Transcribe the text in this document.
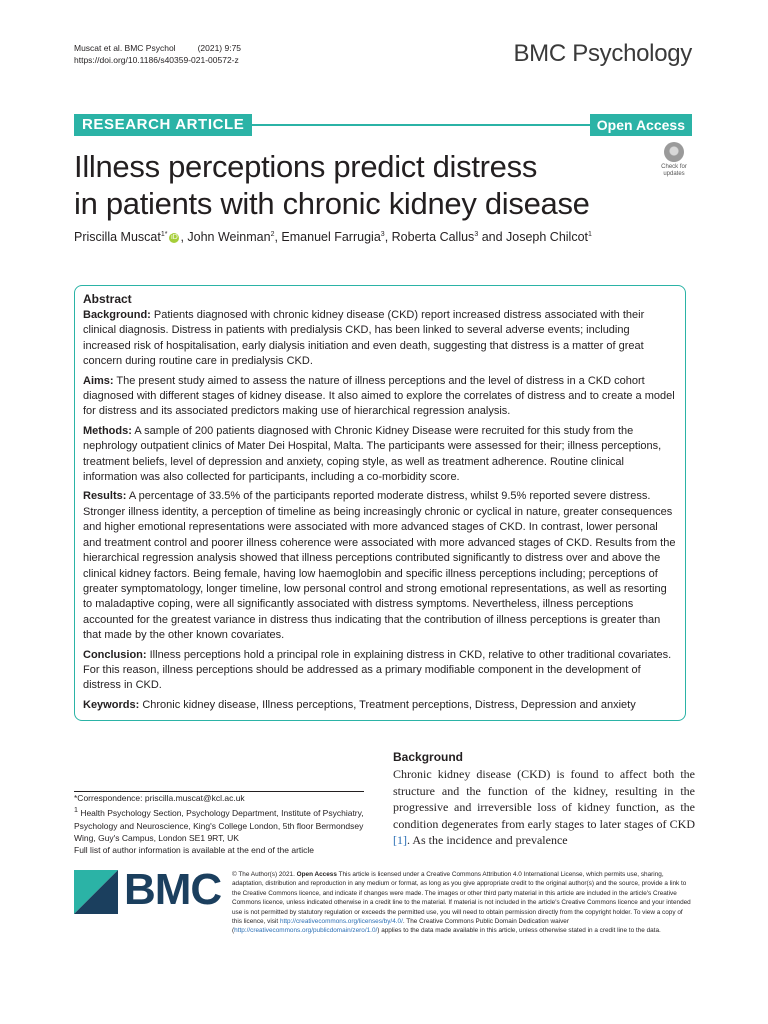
Muscat et al. BMC Psychol	(2021) 9:75
https://doi.org/10.1186/s40359-021-00572-z	BMC Psychology
RESEARCH ARTICLE	Open Access
Illness perceptions predict distress
in patients with chronic kidney disease
Check for
updates
Priscilla Muscat$^{1*}$ iD , John Weinman$^2$, Emanuel Farrugia$^3$, Roberta Callus$^3$ and Joseph Chilcot$^1$
Abstract

Background: Patients diagnosed with chronic kidney disease (CKD) report increased distress associated with their clinical diagnosis. Distress in patients with predialysis CKD, has been linked to several adverse events; including increased risk of hospitalisation, early dialysis initiation and even death, suggesting that distress is a matter of great concern during routine care in predialysis CKD.

Aims: The present study aimed to assess the nature of illness perceptions and the level of distress in a CKD cohort diagnosed with different stages of kidney disease. It also aimed to explore the correlates of distress and to create a model for distress and its associated predictors making use of hierarchical regression analysis.

Methods: A sample of 200 patients diagnosed with Chronic Kidney Disease were recruited for this study from the nephrology outpatient clinics of Mater Dei Hospital, Malta. The participants were assessed for their; illness perceptions, treatment beliefs, level of depression and anxiety, coping style, as well as treatment adherence. Routine clinical information was also collected for participants, including a co-morbidity score.

Results: A percentage of 33.5% of the participants reported moderate distress, whilst 9.5% reported severe distress. Stronger illness identity, a perception of timeline as being increasingly chronic or cyclical in nature, greater consequences and higher emotional representations were associated with more advanced stages of CKD. In contrast, lower personal and treatment control and poorer illness coherence were associated with more advanced stages of CKD. Results from the hierarchical regression analysis showed that illness perceptions contributed significantly to distress over and above the clinical kidney factors. Being female, having low haemoglobin and specific illness perceptions including; perceptions of greater symptomatology, longer timeline, low personal control and strong emotional representations, as well as resorting to maladaptive coping, were all significantly associated with distress symptoms. Nevertheless, illness perceptions accounted for the greatest variance in distress thus indicating that the contribution of illness perceptions is greater than that made by the other known covariates.

Conclusion: Illness perceptions hold a principal role in explaining distress in CKD, relative to other traditional covariates. For this reason, illness perceptions should be addressed as a primary modifiable component in the development of distress in CKD.

Keywords: Chronic kidney disease, Illness perceptions, Treatment perceptions, Distress, Depression and anxiety

*Correspondence: priscilla.muscat@kcl.ac.uk
$^1$ Health Psychology Section, Psychology Department, Institute of Psychiatry, Psychology and Neuroscience, King's College London, 5th floor Bermondsey Wing, Guy's Campus, London SE1 9RT, UK
Full list of author information is available at the end of the article
Background
Chronic kidney disease (CKD) is found to affect both the structure and the function of the kidney, resulting in the progressive and irreversible loss of kidney function, as the condition degenerates from early stages to later stages of CKD [1]. As the incidence and prevalence
BMC © The Author(s) 2021. Open Access This article is licensed under a Creative Commons Attribution 4.0 International License, which permits use, sharing, adaptation, distribution and reproduction in any medium or format, as long as you give appropriate credit to the original author(s) and the source, provide a link to the Creative Commons licence, and indicate if changes were made. The images or other third party material in this article are included in the article's Creative Commons licence, unless indicated otherwise in a credit line to the material. If material is not included in the article's Creative Commons licence and your intended use is not permitted by statutory regulation or exceeds the permitted use, you will need to obtain permission directly from the copyright holder. To view a copy of this licence, visit http://creativecommons.org/licenses/by/4.0/. The Creative Commons Public Domain Dedication waiver (http://creativecommons.org/publicdomain/zero/1.0/) applies to the data made available in this article, unless otherwise stated in a credit line to the data.
